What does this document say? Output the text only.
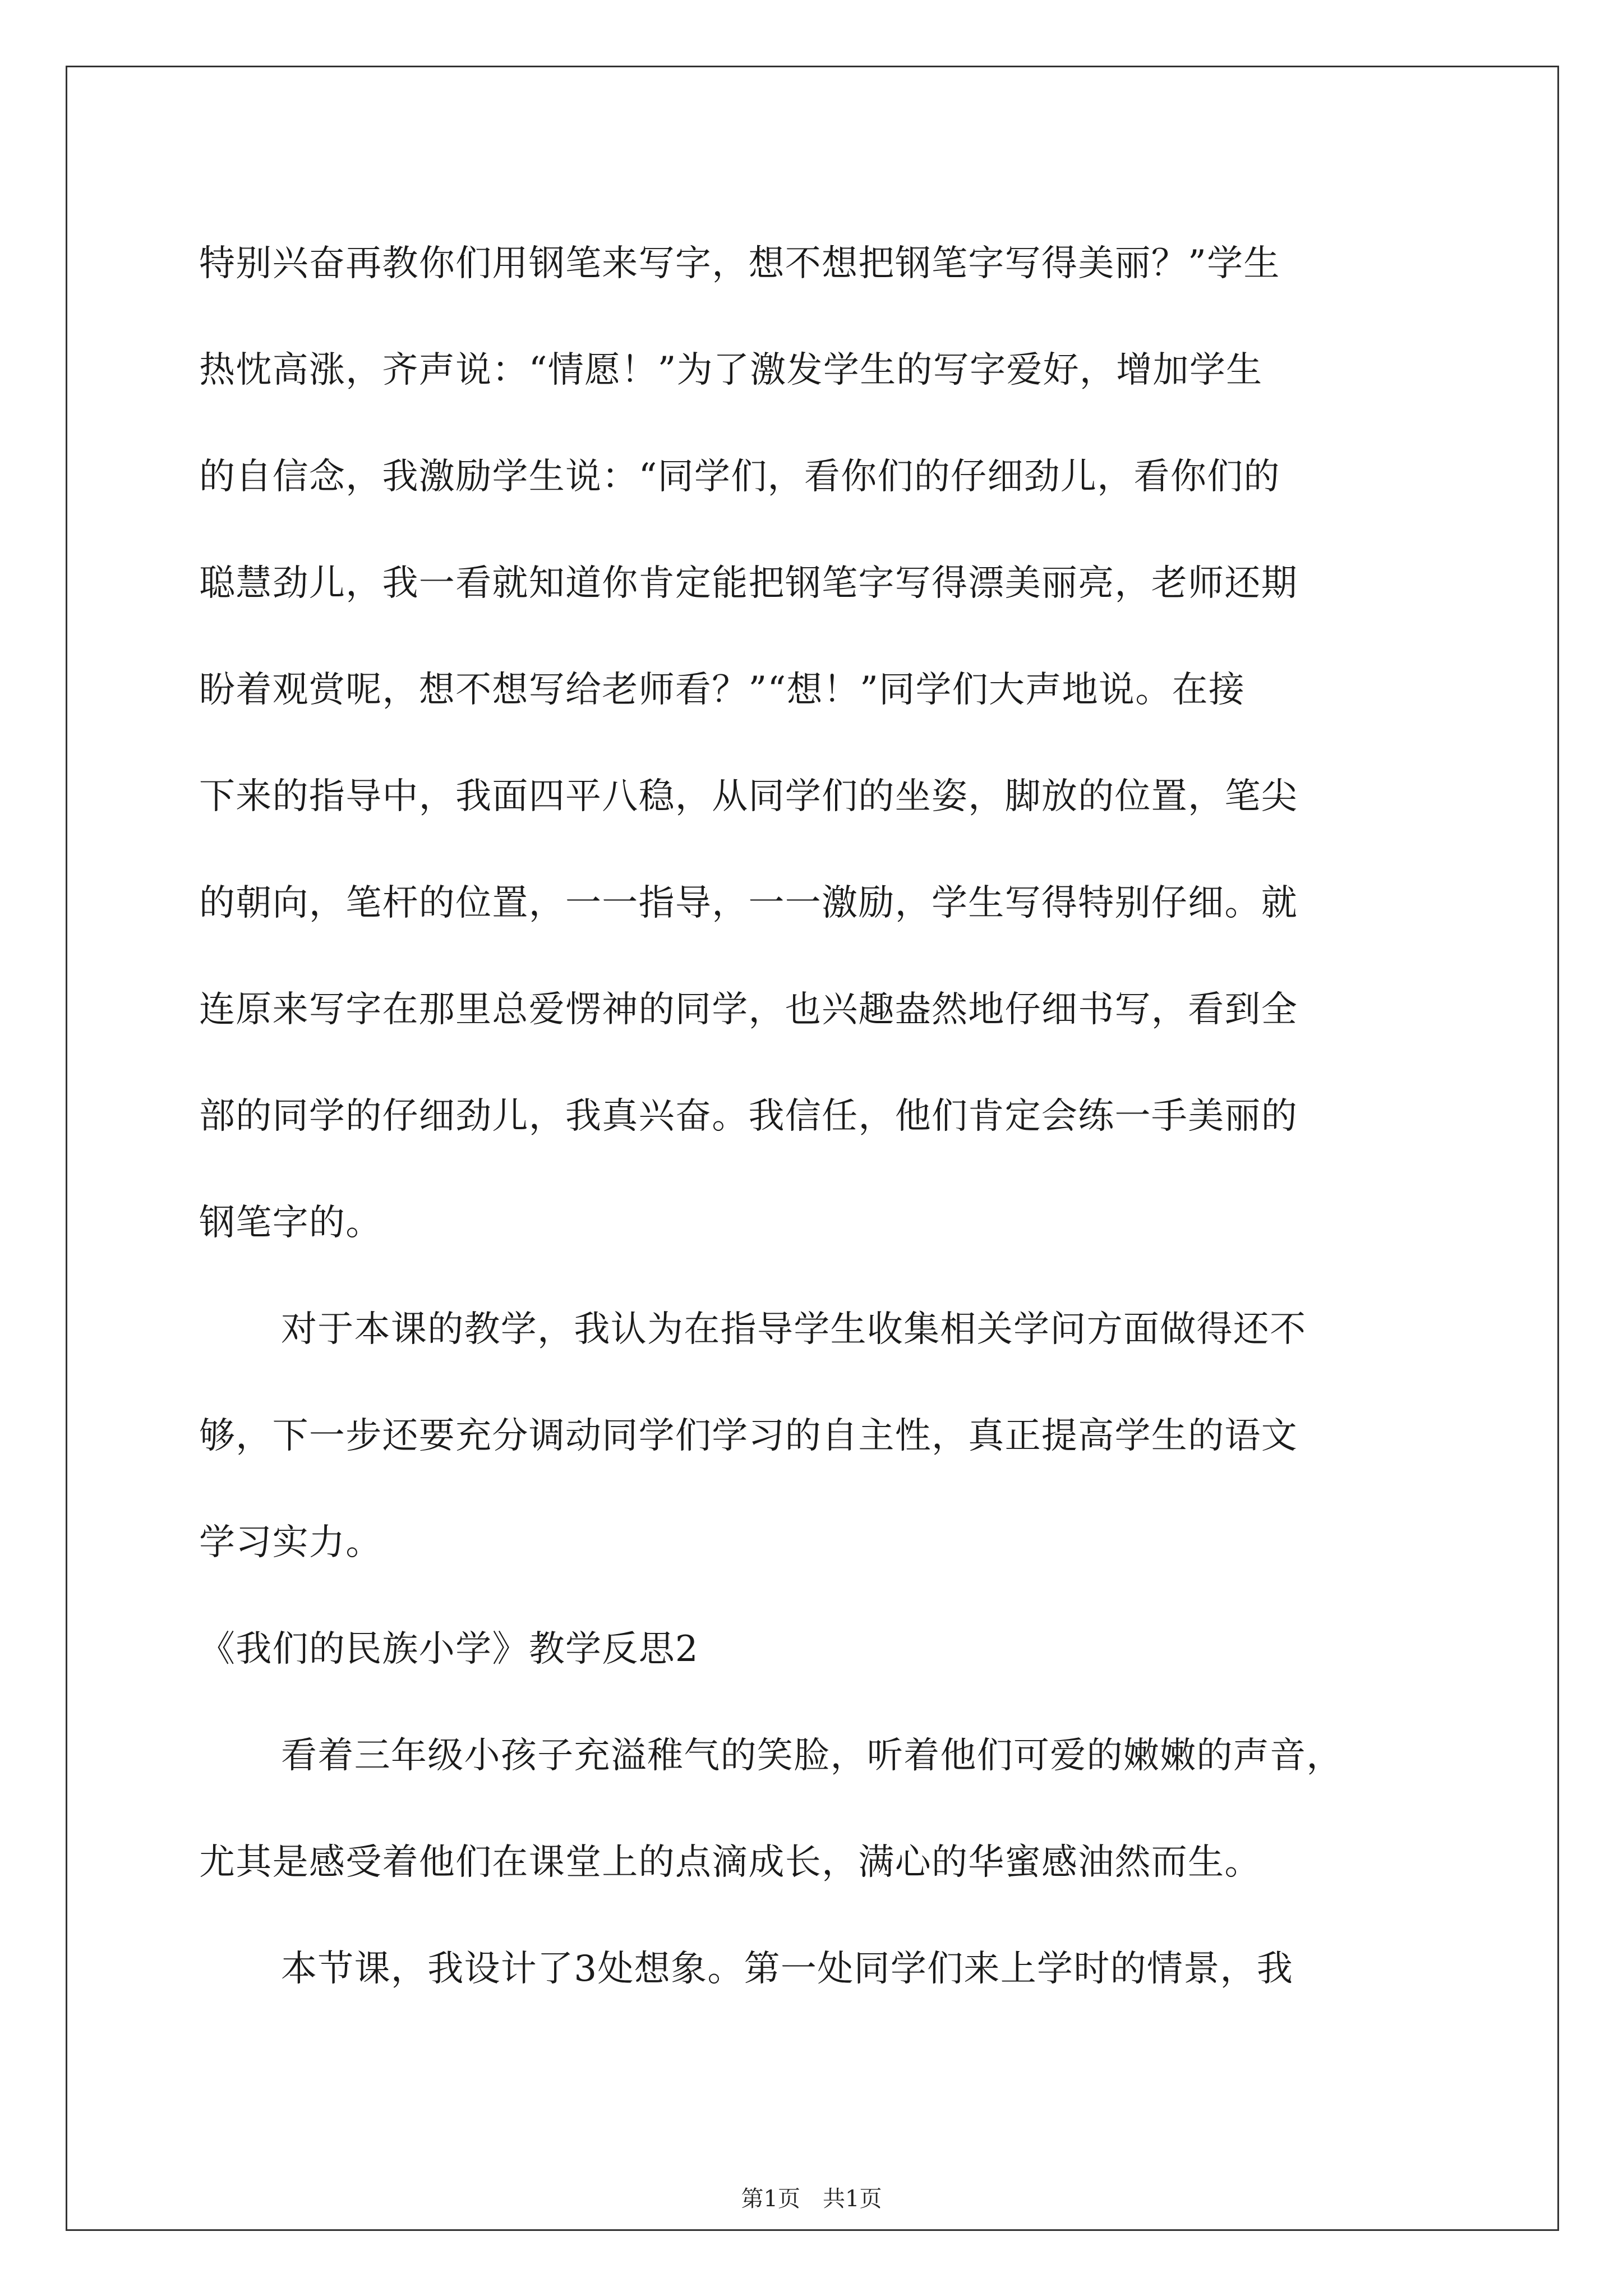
特别兴奋再教你们用钢笔来写字，想不想把钢笔字写得美丽？”学生
热忱高涨，齐声说：“情愿！”为了激发学生的写字爱好，增加学生
的自信念，我激励学生说：“同学们，看你们的仔细劲儿，看你们的
聪慧劲儿，我一看就知道你肯定能把钢笔字写得漂美丽亮，老师还期
盼着观赏呢，想不想写给老师看？”“想！”同学们大声地说。在接
下来的指导中，我面四平八稳，从同学们的坐姿，脚放的位置，笔尖
的朝向，笔杆的位置，一一指导，一一激励，学生写得特别仔细。就
连原来写字在那里总爱愣神的同学，也兴趣盎然地仔细书写，看到全
部的同学的仔细劲儿，我真兴奋。我信任，他们肯定会练一手美丽的
钢笔字的。
对于本课的教学，我认为在指导学生收集相关学问方面做得还不
够，下一步还要充分调动同学们学习的自主性，真正提高学生的语文
学习实力。
《我们的民族小学》教学反思2
看着三年级小孩子充溢稚气的笑脸，听着他们可爱的嫩嫩的声音，
尤其是感受着他们在课堂上的点滴成长，满心的华蜜感油然而生。
本节课，我设计了3处想象。第一处同学们来上学时的情景，我
第1页　共1页
